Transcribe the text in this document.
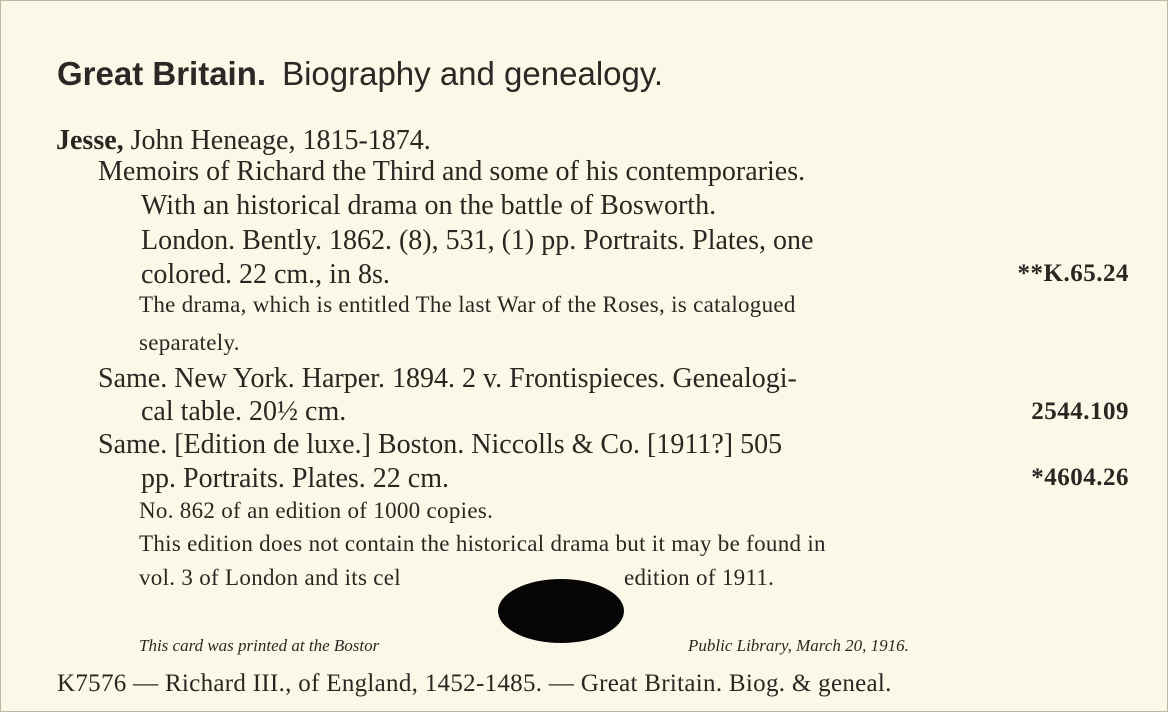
Great Britain. Biography and genealogy.
Jesse, John Heneage, 1815-1874.
Memoirs of Richard the Third and some of his contemporaries.
With an historical drama on the battle of Bosworth.
London. Bently. 1862. (8), 531, (1) pp. Portraits. Plates, one
colored. 22 cm., in 8s.	**K.65.24
The drama, which is entitled The last War of the Roses, is catalogued
separately.
Same. New York. Harper. 1894. 2 v. Frontispieces. Genealogi-
cal table. 20½ cm.	2544.109
Same. [Edition de luxe.] Boston. Niccolls & Co. [1911?] 505
pp. Portraits. Plates. 22 cm.	*4604.26
No. 862 of an edition of 1000 copies.
This edition does not contain the historical drama but it may be found in
vol. 3 of London and its cel	edition of 1911.
This card was printed at the Bostor	Public Library, March 20, 1916.
K7576 — Richard III., of England, 1452-1485. — Great Britain. Biog. & geneal.
